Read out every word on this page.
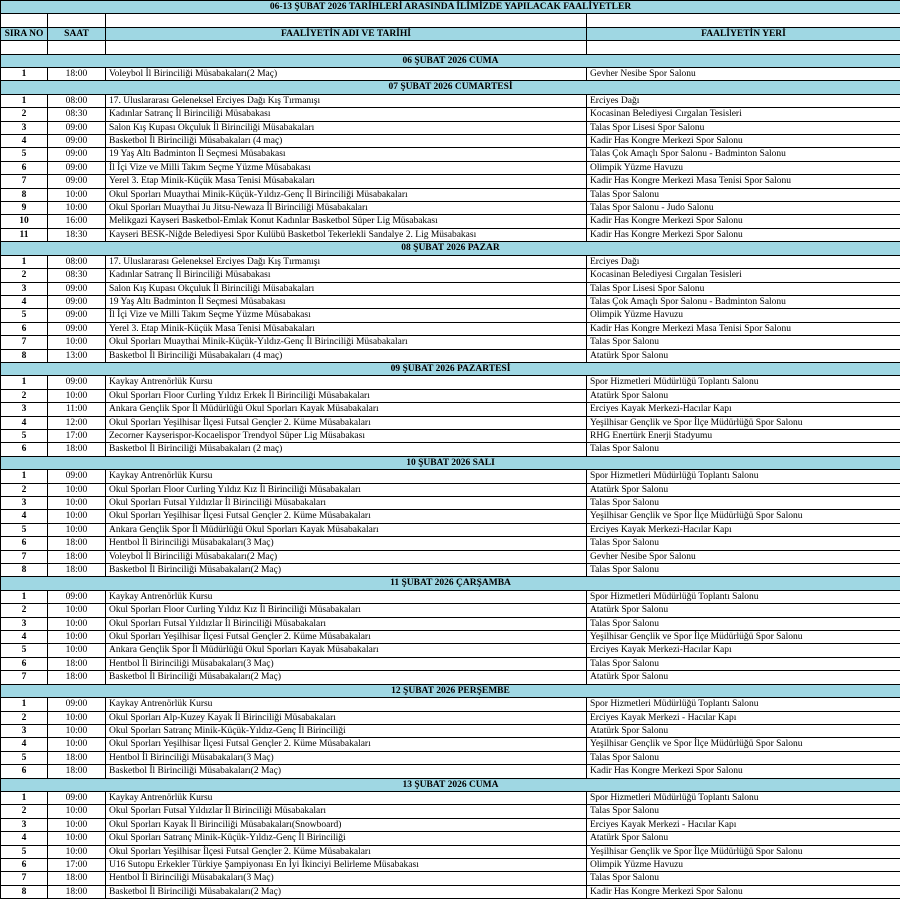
06-13 ŞUBAT 2026 TARİHLERİ ARASINDA İLİMİZDE YAPILACAK FAALİYETLER			

SIRA NO	SAAT	FAALİYETİN ADI VE TARİHİ	FAALİYETİN YERİ

06 ŞUBAT 2026 CUMA			
1	18:00	Voleybol İl Birinciliği Müsabakaları(2 Maç)	Gevher Nesibe Spor Salonu
07 ŞUBAT 2026 CUMARTESİ			
1	08:00	17. Uluslararası Geleneksel Erciyes Dağı Kış Tırmanışı	Erciyes Dağı
2	08:30	Kadınlar Satranç İl Birinciliği Müsabakası	Kocasinan Belediyesi Cırgalan Tesisleri
3	09:00	Salon Kış Kupası Okçuluk İl Birinciliği Müsabakaları	Talas Spor Lisesi Spor Salonu
4	09:00	Basketbol İl Birinciliği Müsabakaları (4 maç)	Kadir Has Kongre Merkezi Spor Salonu
5	09:00	19 Yaş Altı Badminton İl Seçmesi Müsabakası	Talas Çok Amaçlı Spor Salonu - Badminton Salonu
6	09:00	İl İçi Vize ve Milli Takım Seçme Yüzme Müsabakası	Olimpik Yüzme Havuzu
7	09:00	Yerel 3. Etap Minik-Küçük Masa Tenisi Müsabakaları	Kadir Has Kongre Merkezi Masa Tenisi Spor Salonu
8	10:00	Okul Sporları Muaythai Minik-Küçük-Yıldız-Genç İl Birinciliği Müsabakaları	Talas Spor Salonu
9	10:00	Okul Sporları Muaythai Ju Jitsu-Newaza İl Birinciliği Müsabakaları	Talas Spor Salonu - Judo Salonu
10	16:00	Melikgazi Kayseri Basketbol-Emlak Konut Kadınlar Basketbol Süper Lig Müsabakası	Kadir Has Kongre Merkezi Spor Salonu
11	18:30	Kayseri BESK-Niğde Belediyesi Spor Kulübü Basketbol Tekerlekli Sandalye 2. Lig Müsabakası	Kadir Has Kongre Merkezi Spor Salonu
08 ŞUBAT 2026 PAZAR			
1	08:00	17. Uluslararası Geleneksel Erciyes Dağı Kış Tırmanışı	Erciyes Dağı
2	08:30	Kadınlar Satranç İl Birinciliği Müsabakası	Kocasinan Belediyesi Cırgalan Tesisleri
3	09:00	Salon Kış Kupası Okçuluk İl Birinciliği Müsabakaları	Talas Spor Lisesi Spor Salonu
4	09:00	19 Yaş Altı Badminton İl Seçmesi Müsabakası	Talas Çok Amaçlı Spor Salonu - Badminton Salonu
5	09:00	İl İçi Vize ve Milli Takım Seçme Yüzme Müsabakası	Olimpik Yüzme Havuzu
6	09:00	Yerel 3. Etap Minik-Küçük Masa Tenisi Müsabakaları	Kadir Has Kongre Merkezi Masa Tenisi Spor Salonu
7	10:00	Okul Sporları Muaythai Minik-Küçük-Yıldız-Genç İl Birinciliği Müsabakaları	Talas Spor Salonu
8	13:00	Basketbol İl Birinciliği Müsabakaları (4 maç)	Atatürk Spor Salonu
09 ŞUBAT 2026 PAZARTESİ			
1	09:00	Kaykay Antrenörlük Kursu	Spor Hizmetleri Müdürlüğü Toplantı Salonu
2	10:00	Okul Sporları Floor Curling Yıldız Erkek İl Birinciliği Müsabakaları	Atatürk Spor Salonu
3	11:00	Ankara Gençlik Spor İl Müdürlüğü Okul Sporları Kayak Müsabakaları	Erciyes Kayak Merkezi-Hacılar Kapı
4	12:00	Okul Sporları Yeşilhisar İlçesi Futsal Gençler 2. Küme Müsabakaları	Yeşilhisar Gençlik ve Spor İlçe Müdürlüğü Spor Salonu
5	17:00	Zecorner Kayserispor-Kocaelispor Trendyol Süper Lig Müsabakası	RHG Enertürk Enerji Stadyumu
6	18:00	Basketbol İl Birinciliği Müsabakaları (2 maç)	Talas Spor Salonu
10 ŞUBAT 2026 SALI			
1	09:00	Kaykay Antrenörlük Kursu	Spor Hizmetleri Müdürlüğü Toplantı Salonu
2	10:00	Okul Sporları Floor Curling Yıldız Kız İl Birinciliği Müsabakaları	Atatürk Spor Salonu
3	10:00	Okul Sporları Futsal Yıldızlar İl Birinciliği Müsabakaları	Talas Spor Salonu
4	10:00	Okul Sporları Yeşilhisar İlçesi Futsal Gençler 2. Küme Müsabakaları	Yeşilhisar Gençlik ve Spor İlçe Müdürlüğü Spor Salonu
5	10:00	Ankara Gençlik Spor İl Müdürlüğü Okul Sporları Kayak Müsabakaları	Erciyes Kayak Merkezi-Hacılar Kapı
6	18:00	Hentbol İl Birinciliği Müsabakaları(3 Maç)	Talas Spor Salonu
7	18:00	Voleybol İl Birinciliği Müsabakaları(2 Maç)	Gevher Nesibe Spor Salonu
8	18:00	Basketbol İl Birinciliği Müsabakaları(2 Maç)	Talas Spor Salonu
11 ŞUBAT 2026 ÇARŞAMBA			
1	09:00	Kaykay Antrenörlük Kursu	Spor Hizmetleri Müdürlüğü Toplantı Salonu
2	10:00	Okul Sporları Floor Curling Yıldız Kız İl Birinciliği Müsabakaları	Atatürk Spor Salonu
3	10:00	Okul Sporları Futsal Yıldızlar İl Birinciliği Müsabakaları	Talas Spor Salonu
4	10:00	Okul Sporları Yeşilhisar İlçesi Futsal Gençler 2. Küme Müsabakaları	Yeşilhisar Gençlik ve Spor İlçe Müdürlüğü Spor Salonu
5	10:00	Ankara Gençlik Spor İl Müdürlüğü Okul Sporları Kayak Müsabakaları	Erciyes Kayak Merkezi-Hacılar Kapı
6	18:00	Hentbol İl Birinciliği Müsabakaları(3 Maç)	Talas Spor Salonu
7	18:00	Basketbol İl Birinciliği Müsabakaları(2 Maç)	Atatürk Spor Salonu
12 ŞUBAT 2026 PERŞEMBE			
1	09:00	Kaykay Antrenörlük Kursu	Spor Hizmetleri Müdürlüğü Toplantı Salonu
2	10:00	Okul Sporları Alp-Kuzey Kayak İl Birinciliği Müsabakaları	Erciyes Kayak Merkezi - Hacılar Kapı
3	10:00	Okul Sporları Satranç Minik-Küçük-Yıldız-Genç İl Birinciliği	Atatürk Spor Salonu
4	10:00	Okul Sporları Yeşilhisar İlçesi Futsal Gençler 2. Küme Müsabakaları	Yeşilhisar Gençlik ve Spor İlçe Müdürlüğü Spor Salonu
5	18:00	Hentbol İl Birinciliği Müsabakaları(3 Maç)	Talas Spor Salonu
6	18:00	Basketbol İl Birinciliği Müsabakaları(2 Maç)	Kadir Has Kongre Merkezi Spor Salonu
13 ŞUBAT 2026 CUMA			
1	09:00	Kaykay Antrenörlük Kursu	Spor Hizmetleri Müdürlüğü Toplantı Salonu
2	10:00	Okul Sporları Futsal Yıldızlar İl Birinciliği Müsabakaları	Talas Spor Salonu
3	10:00	Okul Sporları Kayak İl Birinciliği Müsabakaları(Snowboard)	Erciyes Kayak Merkezi - Hacılar Kapı
4	10:00	Okul Sporları Satranç Minik-Küçük-Yıldız-Genç İl Birinciliği	Atatürk Spor Salonu
5	10:00	Okul Sporları Yeşilhisar İlçesi Futsal Gençler 2. Küme Müsabakaları	Yeşilhisar Gençlik ve Spor İlçe Müdürlüğü Spor Salonu
6	17:00	U16 Sutopu Erkekler Türkiye Şampiyonası En İyi İkinciyi Belirleme Müsabakası	Olimpik Yüzme Havuzu
7	18:00	Hentbol İl Birinciliği Müsabakaları(3 Maç)	Talas Spor Salonu
8	18:00	Basketbol İl Birinciliği Müsabakaları(2 Maç)	Kadir Has Kongre Merkezi Spor Salonu
